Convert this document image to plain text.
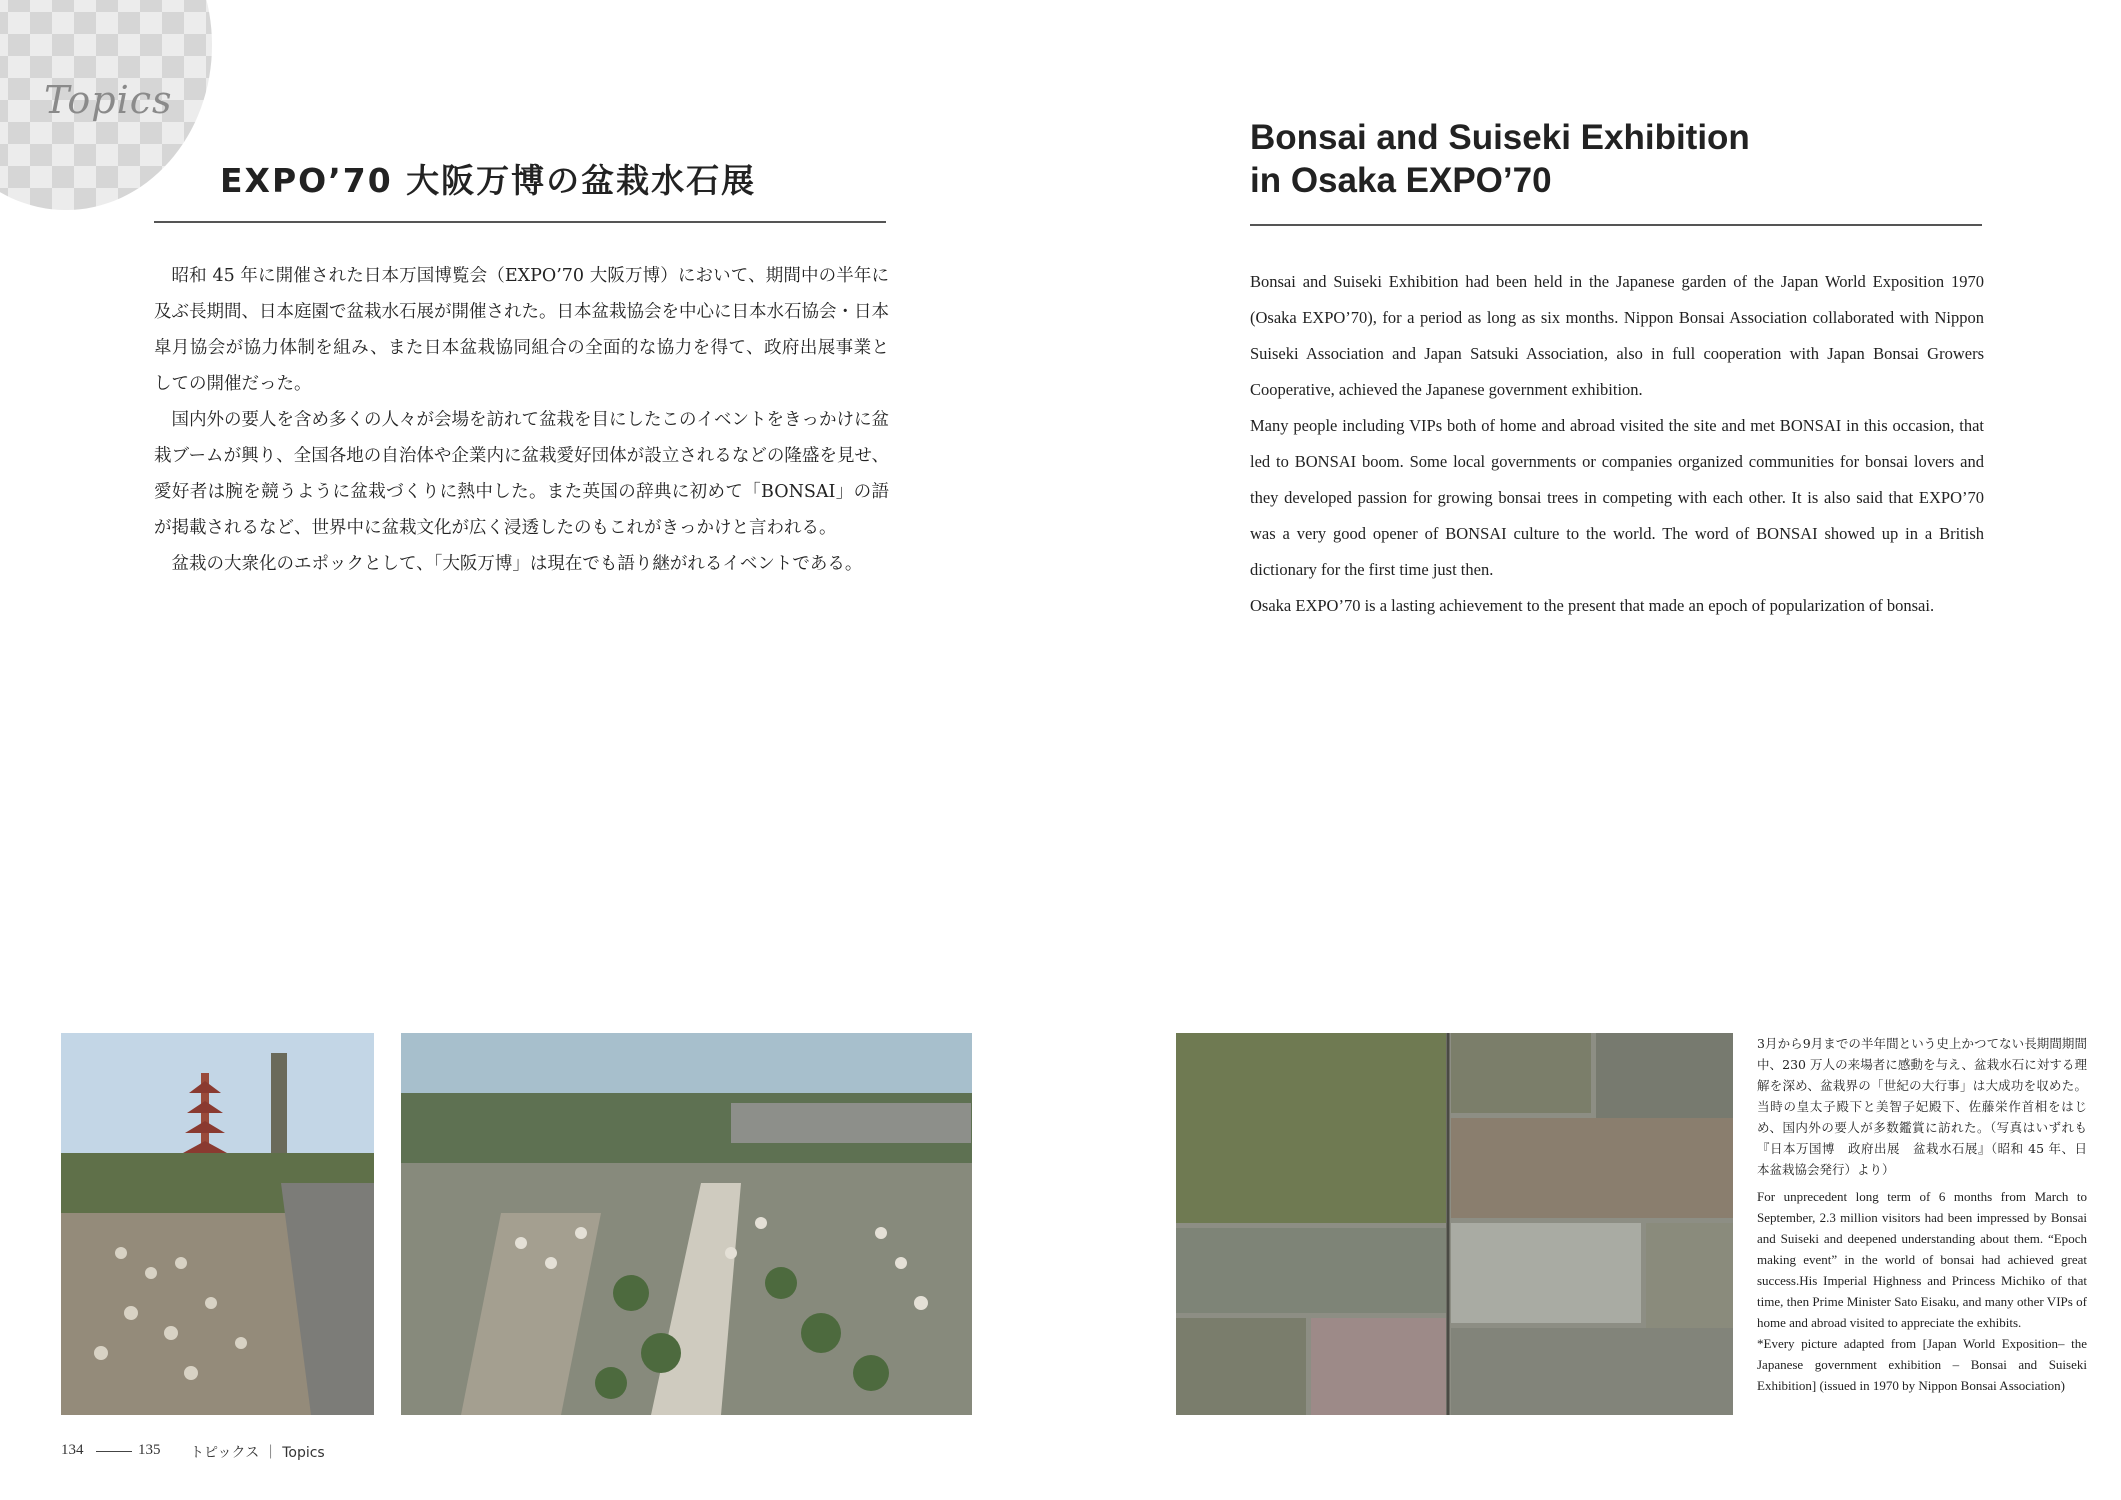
Topics
EXPO’70 大阪万博の盆栽水石展
Bonsai and Suiseki Exhibition
in Osaka EXPO’70

昭和 45 年に開催された日本万国博覧会（EXPO’70 大阪万博）において、期間中の半年に及ぶ長期間、日本庭園で盆栽水石展が開催された。日本盆栽協会を中心に日本水石協会・日本皐月協会が協力体制を組み、また日本盆栽協同組合の全面的な協力を得て、政府出展事業としての開催だった。

国内外の要人を含め多くの人々が会場を訪れて盆栽を目にしたこのイベントをきっかけに盆栽ブームが興り、全国各地の自治体や企業内に盆栽愛好団体が設立されるなどの隆盛を見せ、愛好者は腕を競うように盆栽づくりに熱中した。また英国の辞典に初めて「BONSAI」の語が掲載されるなど、世界中に盆栽文化が広く浸透したのもこれがきっかけと言われる。

盆栽の大衆化のエポックとして、「大阪万博」は現在でも語り継がれるイベントである。

Bonsai and Suiseki Exhibition had been held in the Japanese garden of the Japan World Exposition 1970 (Osaka EXPO’70), for a period as long as six months. Nippon Bonsai Association collaborated with Nippon Suiseki Association and Japan Satsuki Association, also in full cooperation with Japan Bonsai Growers Cooperative, achieved the Japanese government exhibition.

Many people including VIPs both of home and abroad visited the site and met BONSAI in this occasion, that led to BONSAI boom. Some local governments or companies organized communities for bonsai lovers and they developed passion for growing bonsai trees in competing with each other. It is also said that EXPO’70 was a very good opener of BONSAI culture to the world. The word of BONSAI showed up in a British dictionary for the first time just then.

Osaka EXPO’70 is a lasting achievement to the present that made an epoch of popularization of bonsai.

3月から9月までの半年間という史上かつてない長期間期間中、230 万人の来場者に感動を与え、盆栽水石に対する理解を深め、盆栽界の「世紀の大行事」は大成功を収めた。当時の皇太子殿下と美智子妃殿下、佐藤栄作首相をはじめ、国内外の要人が多数鑑賞に訪れた。（写真はいずれも『日本万国博　政府出展　盆栽水石展』（昭和 45 年、日本盆栽協会発行）より）

For unprecedent long term of 6 months from March to September, 2.3 million visitors had been impressed by Bonsai and Suiseki and deepened understanding about them. “Epoch making event” in the world of bonsai had achieved great success.His Imperial Highness and Princess Michiko of that time, then Prime Minister Sato Eisaku, and many other VIPs of home and abroad visited to appreciate the exhibits.

*Every picture adapted from [Japan World Exposition– the Japanese government exhibition – Bonsai and Suiseki Exhibition] (issued in 1970 by Nippon Bonsai Association)

134	135 トピックス ｜ Topics
